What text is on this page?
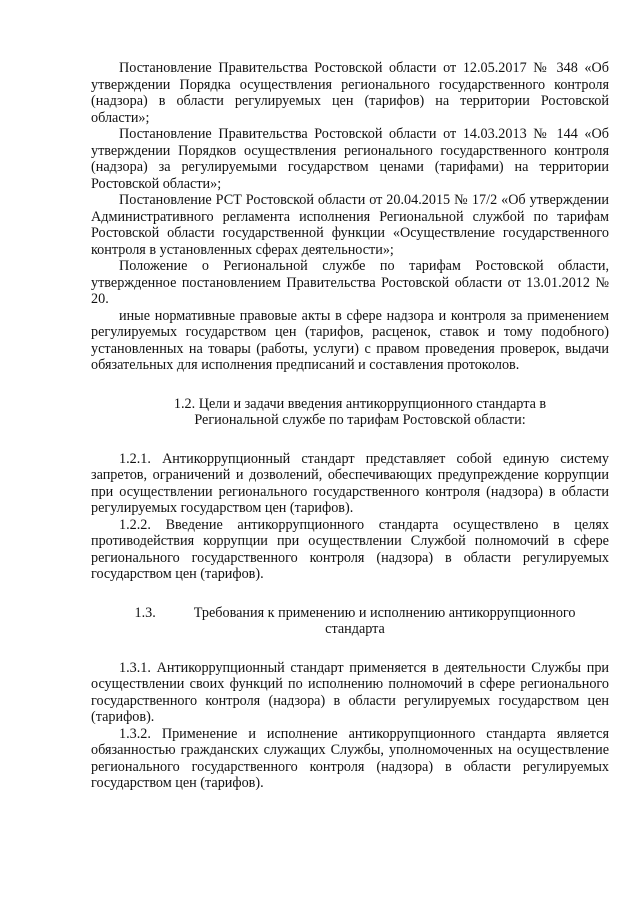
Постановление Правительства Ростовской области от 12.05.2017 № 348 «Об утверждении Порядка осуществления регионального государственного контроля (надзора) в области регулируемых цен (тарифов) на территории Ростовской области»;

Постановление Правительства Ростовской области от 14.03.2013 № 144 «Об утверждении Порядков осуществления регионального государственного контроля (надзора) за регулируемыми государством ценами (тарифами) на территории Ростовской области»;

Постановление РСТ Ростовской области от 20.04.2015 № 17/2 «Об утверждении Административного регламента исполнения Региональной службой по тарифам Ростовской области государственной функции «Осуществление государственного контроля в установленных сферах деятельности»;

Положение о Региональной службе по тарифам Ростовской области, утвержденное постановлением Правительства Ростовской области от 13.01.2012 № 20.

иные нормативные правовые акты в сфере надзора и контроля за применением регулируемых государством цен (тарифов, расценок, ставок и тому подобного) установленных на товары (работы, услуги) с правом проведения проверок, выдачи обязательных для исполнения предписаний и составления протоколов.

1.2. Цели и задачи введения антикоррупционного стандарта в
Региональной службе по тарифам Ростовской области:

1.2.1. Антикоррупционный стандарт представляет собой единую систему запретов, ограничений и дозволений, обеспечивающих предупреждение коррупции при осуществлении регионального государственного контроля (надзора) в области регулируемых государством цен (тарифов).

1.2.2. Введение антикоррупционного стандарта осуществлено в целях противодействия коррупции при осуществлении Службой полномочий в сфере регионального государственного контроля (надзора) в области регулируемых государством цен (тарифов).

1.3.	Требования к применению и исполнению антикоррупционного
стандарта

1.3.1. Антикоррупционный стандарт применяется в деятельности Службы при осуществлении своих функций по исполнению полномочий в сфере регионального государственного контроля (надзора) в области регулируемых государством цен (тарифов).

1.3.2. Применение и исполнение антикоррупционного стандарта является обязанностью гражданских служащих Службы, уполномоченных на осуществление регионального государственного контроля (надзора) в области регулируемых государством цен (тарифов).
